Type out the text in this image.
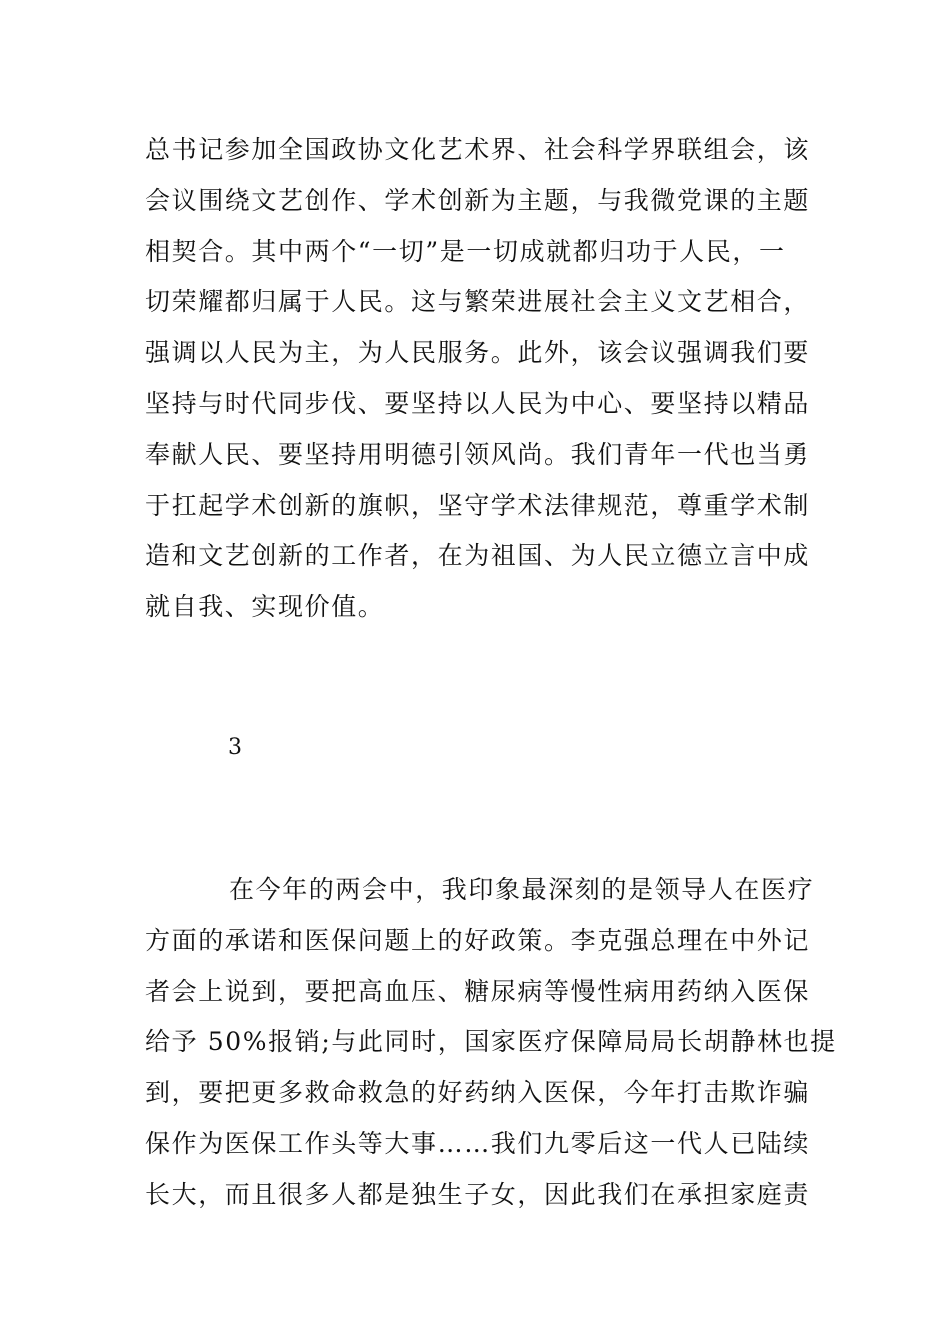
总书记参加全国政协文化艺术界、社会科学界联组会，该
会议围绕文艺创作、学术创新为主题，与我微党课的主题
相契合。其中两个“一切”是一切成就都归功于人民，一
切荣耀都归属于人民。这与繁荣进展社会主义文艺相合，
强调以人民为主，为人民服务。此外，该会议强调我们要
坚持与时代同步伐、要坚持以人民为中心、要坚持以精品
奉献人民、要坚持用明德引领风尚。我们青年一代也当勇
于扛起学术创新的旗帜，坚守学术法律规范，尊重学术制
造和文艺创新的工作者，在为祖国、为人民立德立言中成
就自我、实现价值。

3

在今年的两会中，我印象最深刻的是领导人在医疗
方面的承诺和医保问题上的好政策。李克强总理在中外记
者会上说到，要把高血压、糖尿病等慢性病用药纳入医保
给予 50%报销;与此同时，国家医疗保障局局长胡静林也提
到，要把更多救命救急的好药纳入医保，今年打击欺诈骗
保作为医保工作头等大事……我们九零后这一代人已陆续
长大，而且很多人都是独生子女，因此我们在承担家庭责
